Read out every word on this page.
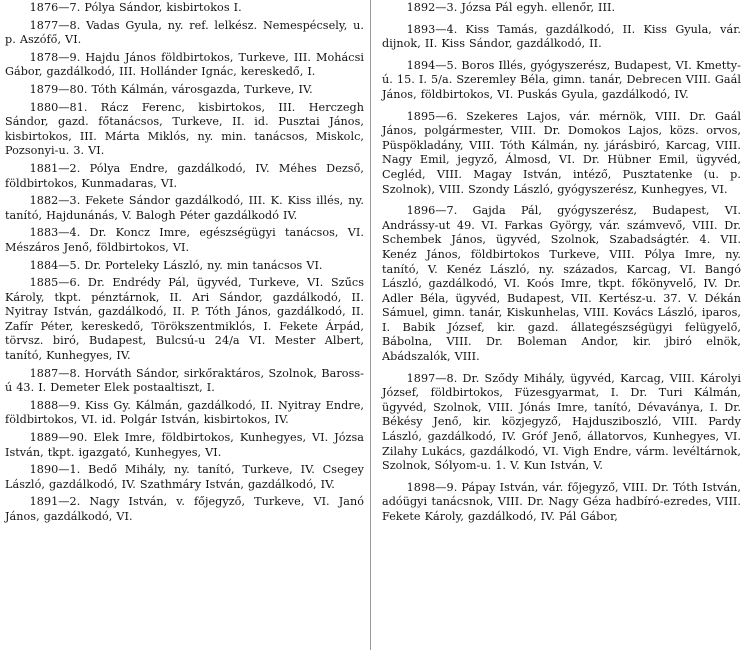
1876—7. Pólya Sándor, kisbirtokos I.

1877—8. Vadas Gyula, ny. ref. lelkész. Nemespécsely, u. p. Aszófő, VI.

1878—9. Hajdu János földbirtokos, Turkeve, III. Mohácsi Gábor, gazdálkodó, III. Hollánder Ignác, kereskedő, I.

1879—80. Tóth Kálmán, városgazda, Turkeve, IV.

1880—81. Rácz Ferenc, kisbirtokos, III. Herczegh Sándor, gazd. főtanácsos, Turkeve, II. id. Pusztai János, kisbirtokos, III. Márta Miklós, ny. min. tanácsos, Miskolc, Pozsonyi-u. 3. VI.

1881—2. Pólya Endre, gazdálkodó, IV. Méhes Dezső, földbirtokos, Kunmadaras, VI.

1882—3. Fekete Sándor gazdálkodó, III. K. Kiss illés, ny. tanító, Hajdunánás, V. Balogh Péter gazdálkodó IV.

1883—4. Dr. Koncz Imre, egészségügyi tanácsos, VI. Mészáros Jenő, földbirtokos, VI.

1884—5. Dr. Porteleky László, ny. min tanácsos VI.

1885—6. Dr. Endrédy Pál, ügyvéd, Turkeve, VI. Szűcs Károly, tkpt. pénztárnok, II. Ari Sándor, gazdálkodó, II. Nyitray István, gazdálkodó, II. P. Tóth János, gazdálkodó, II. Zafír Péter, kereskedő, Törökszentmiklós, I. Fekete Árpád, törvsz. biró, Budapest, Bulcsú-u 24/a VI. Mester Albert, tanító, Kunhegyes, IV.

1887—8. Horváth Sándor, sirkőraktáros, Szolnok, Baross-ú 43. I. Demeter Elek postaaltiszt, I.

1888—9. Kiss Gy. Kálmán, gazdálkodó, II. Nyitray Endre, földbirtokos, VI. id. Polgár István, kisbirtokos, IV.

1889—90. Elek Imre, földbirtokos, Kunhegyes, VI. Józsa István, tkpt. igazgató, Kunhegyes, VI.

1890—1. Bedő Mihály, ny. tanító, Turkeve, IV. Csegey László, gazdálkodó, IV. Szathmáry István, gazdálkodó, IV.

1891—2. Nagy István, v. főjegyző, Turkeve, VI. Janó János, gazdálkodó, VI.

1892—3. Józsa Pál egyh. ellenőr, III.

1893—4. Kiss Tamás, gazdálkodó, II. Kiss Gyula, vár. dijnok, II. Kiss Sándor, gazdálkodó, II.

1894—5. Boros Illés, gyógyszerész, Budapest, VI. Kmetty-ú. 15. I. 5/a. Szeremley Béla, gimn. tanár, Debrecen VIII. Gaál János, földbirtokos, VI. Puskás Gyula, gazdálkodó, IV.

1895—6. Szekeres Lajos, vár. mérnök, VIII. Dr. Gaál János, polgármester, VIII. Dr. Domokos Lajos, közs. orvos, Püspökladány, VIII. Tóth Kálmán, ny. járásbiró, Karcag, VIII. Nagy Emil, jegyző, Álmosd, VI. Dr. Hübner Emil, ügyvéd, Cegléd, VIII. Magay István, intéző, Pusztatenke (u. p. Szolnok), VIII. Szondy László, gyógyszerész, Kunhegyes, VI.

1896—7. Gajda Pál, gyógyszerész, Budapest, VI. Andrássy-ut 49. VI. Farkas György, vár. számvevő, VIII. Dr. Schembek János, ügyvéd, Szolnok, Szabadságtér. 4. VII. Kenéz János, földbirtokos Turkeve, VIII. Pólya Imre, ny. tanító, V. Kenéz László, ny. százados, Karcag, VI. Bangó László, gazdálkodó, VI. Koós Imre, tkpt. főkönyvelő, IV. Dr. Adler Béla, ügyvéd, Budapest, VII. Kertész-u. 37. V. Dékán Sámuel, gimn. tanár, Kiskunhelas, VIII. Kovács László, iparos, I. Babik József, kir. gazd. állategészségügyi felügyelő, Bábolna, VIII. Dr. Boleman Andor, kir. jbiró elnök, Abádszalók, VIII.

1897—8. Dr. Sződy Mihály, ügyvéd, Karcag, VIII. Károlyi József, földbirtokos, Füzesgyarmat, I. Dr. Turi Kálmán, ügyvéd, Szolnok, VIII. Jónás Imre, tanító, Dévaványa, I. Dr. Békésy Jenő, kir. közjegyző, Hajdusziboszló, VIII. Pardy László, gazdálkodó, IV. Gróf Jenő, állatorvos, Kunhegyes, VI. Zilahy Lukács, gazdálkodó, VI. Vigh Endre, várm. levéltárnok, Szolnok, Sólyom-u. 1. V. Kun István, V.

1898—9. Pápay István, vár. főjegyző, VIII. Dr. Tóth István, adóügyi tanácsnok, VIII. Dr. Nagy Géza hadbíró-ezredes, VIII. Fekete Károly, gazdálkodó, IV. Pál Gábor,
